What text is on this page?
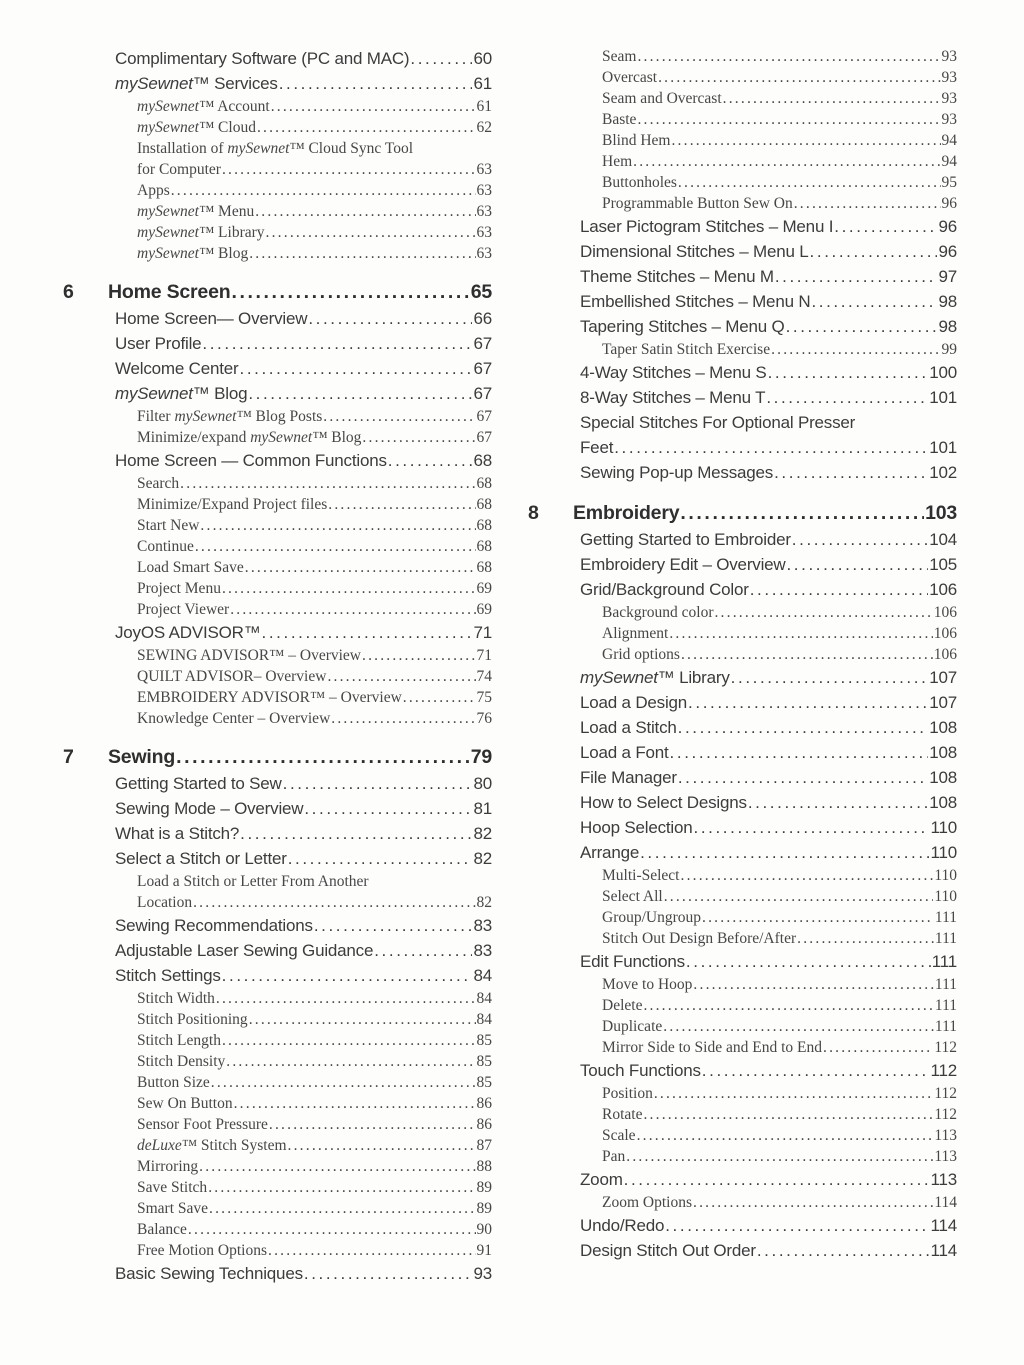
Complimentary Software (PC and MAC) .....	60
mySewnet™ Services .....	61
mySewnet™ Account .....	61
mySewnet™ Cloud .....	62
Installation of mySewnet™ Cloud Sync Tool
for Computer .....	63
Apps .....	63
mySewnet™ Menu .....	63
mySewnet™ Library .....	63
mySewnet™ Blog .....	63
6	Home Screen .....	65
Home Screen— Overview .....	66
User Profile .....	67
Welcome Center .....	67
mySewnet™ Blog .....	67
Filter mySewnet™ Blog Posts .....	67
Minimize/expand mySewnet™ Blog .....	67
Home Screen — Common Functions .....	68
Search .....	68
Minimize/Expand Project files .....	68
Start New .....	68
Continue .....	68
Load Smart Save .....	68
Project Menu .....	69
Project Viewer .....	69
JoyOS ADVISOR™ .....	71
SEWING ADVISOR™ – Overview .....	71
QUILT ADVISOR– Overview .....	74
EMBROIDERY ADVISOR™ – Overview .....	75
Knowledge Center – Overview .....	76
7	Sewing .....	79
Getting Started to Sew .....	80
Sewing Mode – Overview .....	81
What is a Stitch? .....	82
Select a Stitch or Letter .....	82
Load a Stitch or Letter From Another
Location .....	82
Sewing Recommendations .....	83
Adjustable Laser Sewing Guidance .....	83
Stitch Settings .....	84
Stitch Width .....	84
Stitch Positioning .....	84
Stitch Length .....	85
Stitch Density .....	85
Button Size .....	85
Sew On Button .....	86
Sensor Foot Pressure .....	86
deLuxe™ Stitch System .....	87
Mirroring .....	88
Save Stitch .....	89
Smart Save .....	89
Balance .....	90
Free Motion Options .....	91
Basic Sewing Techniques .....	93
Seam .....	93
Overcast .....	93
Seam and Overcast .....	93
Baste .....	93
Blind Hem .....	94
Hem .....	94
Buttonholes .....	95
Programmable Button Sew On .....	96
Laser Pictogram Stitches – Menu I .....	96
Dimensional Stitches – Menu L .....	96
Theme Stitches – Menu M .....	97
Embellished Stitches – Menu N .....	98
Tapering Stitches – Menu Q .....	98
Taper Satin Stitch Exercise .....	99
4-Way Stitches – Menu S .....	100
8-Way Stitches – Menu T .....	101
Special Stitches For Optional Presser
Feet .....	101
Sewing Pop-up Messages .....	102
8	Embroidery .....	103
Getting Started to Embroider .....	104
Embroidery Edit – Overview .....	105
Grid/Background Color .....	106
Background color .....	106
Alignment .....	106
Grid options .....	106
mySewnet™ Library .....	107
Load a Design .....	107
Load a Stitch .....	108
Load a Font .....	108
File Manager .....	108
How to Select Designs .....	108
Hoop Selection .....	110
Arrange .....	110
Multi-Select .....	110
Select All .....	110
Group/Ungroup .....	111
Stitch Out Design Before/After .....	111
Edit Functions .....	111
Move to Hoop .....	111
Delete .....	111
Duplicate .....	111
Mirror Side to Side and End to End .....	112
Touch Functions .....	112
Position .....	112
Rotate .....	112
Scale .....	113
Pan .....	113
Zoom .....	113
Zoom Options .....	114
Undo/Redo .....	114
Design Stitch Out Order .....	114
